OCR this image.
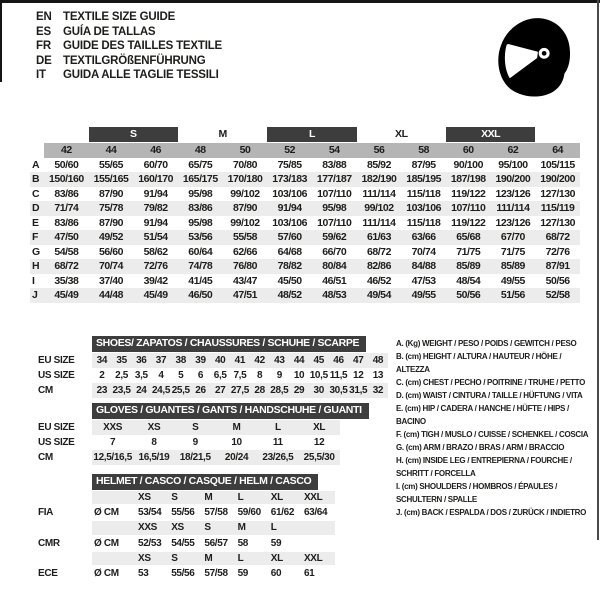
EN TEXTILE SIZE GUIDE
ES GUÍA DE TALLAS
FR GUIDE DES TAILLES TEXTILE
DE TEXTILGRÖßENFÜHRUNG
IT GUIDA ALLE TAGLIE TESSILI
		S		M		L		XL		XXL		
	42	44	46	48	50	52	54	56	58	60	62	64
A	50/60	55/65	60/70	65/75	70/80	75/85	83/88	85/92	87/95	90/100	95/100	105/115
B	150/160	155/165	160/170	165/175	170/180	173/183	177/187	182/190	185/195	187/198	190/200	190/200
C	83/86	87/90	91/94	95/98	99/102	103/106	107/110	111/114	115/118	119/122	123/126	127/130
D	71/74	75/78	79/82	83/86	87/90	91/94	95/98	99/102	103/106	107/110	111/114	115/119
E	83/86	87/90	91/94	95/98	99/102	103/106	107/110	111/114	115/118	119/122	123/126	127/130
F	47/50	49/52	51/54	53/56	55/58	57/60	59/62	61/63	63/66	65/68	67/70	68/72
G	54/58	56/60	58/62	60/64	62/66	64/68	66/70	68/72	70/74	71/75	71/75	72/76
H	68/72	70/74	72/76	74/78	76/80	78/82	80/84	82/86	84/88	85/89	85/89	87/91
I	35/38	37/40	39/42	41/45	43/47	45/50	46/51	46/52	47/53	48/54	49/55	50/56
J	45/49	44/48	45/49	46/50	47/51	48/52	48/53	49/54	49/55	50/56	51/56	52/58
SHOES/ ZAPATOS / CHAUSSURES / SCHUHE / SCARPE
EU SIZE	34	35	36	37	38	39	40	41	42	43	44	45	46	47	48
US SIZE	2	2,5	3,5	4	5	6	6,5	7,5	8	9	10	10,5	11,5	12	13
CM	23	23,5	24	24,5	25,5	26	27	27,5	28	28,5	29	30	30,5	31,5	32
GLOVES / GUANTES / GANTS / HANDSCHUHE / GUANTI
EU SIZE	XXS	XS	S	M	L	XL
US SIZE	7	8	9	10	11	12
CM	12,5/16,5	16,5/19	18/21,5	20/24	23/26,5	25,5/30
HELMET / CASCO / CASQUE / HELM / CASCO
		XS	S	M	L	XL	XXL
FIA	Ø CM	53/54	55/56	57/58	59/60	61/62	63/64
		XXS	XS	S	M	L	
CMR	Ø CM	52/53	54/55	56/57	58	59	
		XS	S	M	L	XL	XXL
ECE	Ø CM	53	55/56	57/58	59	60	61
A. (Kg) WEIGHT / PESO / POIDS / GEWITCH / PESO
B. (cm) HEIGHT / ALTURA / HAUTEUR / HÖHE / ALTEZZA
C. (cm) CHEST / PECHO / POITRINE / TRUHE / PETTO
D. (cm) WAIST / CINTURA / TAILLE / HÜFTUNG / VITA
E. (cm) HIP / CADERA / HANCHE / HÜFTE / HIPS / BACINO
F. (cm) TIGH / MUSLO / CUISSE / SCHENKEL / COSCIA
G. (cm) ARM / BRAZO / BRAS / ARM / BRACCIO
H. (cm) INSIDE LEG / ENTREPIERNA / FOURCHE / SCHRITT / FORCELLA
I. (cm) SHOULDERS / HOMBROS / ÉPAULES / SCHULTERN / SPALLE
J. (cm) BACK / ESPALDA / DOS / ZURÜCK / INDIETRO
